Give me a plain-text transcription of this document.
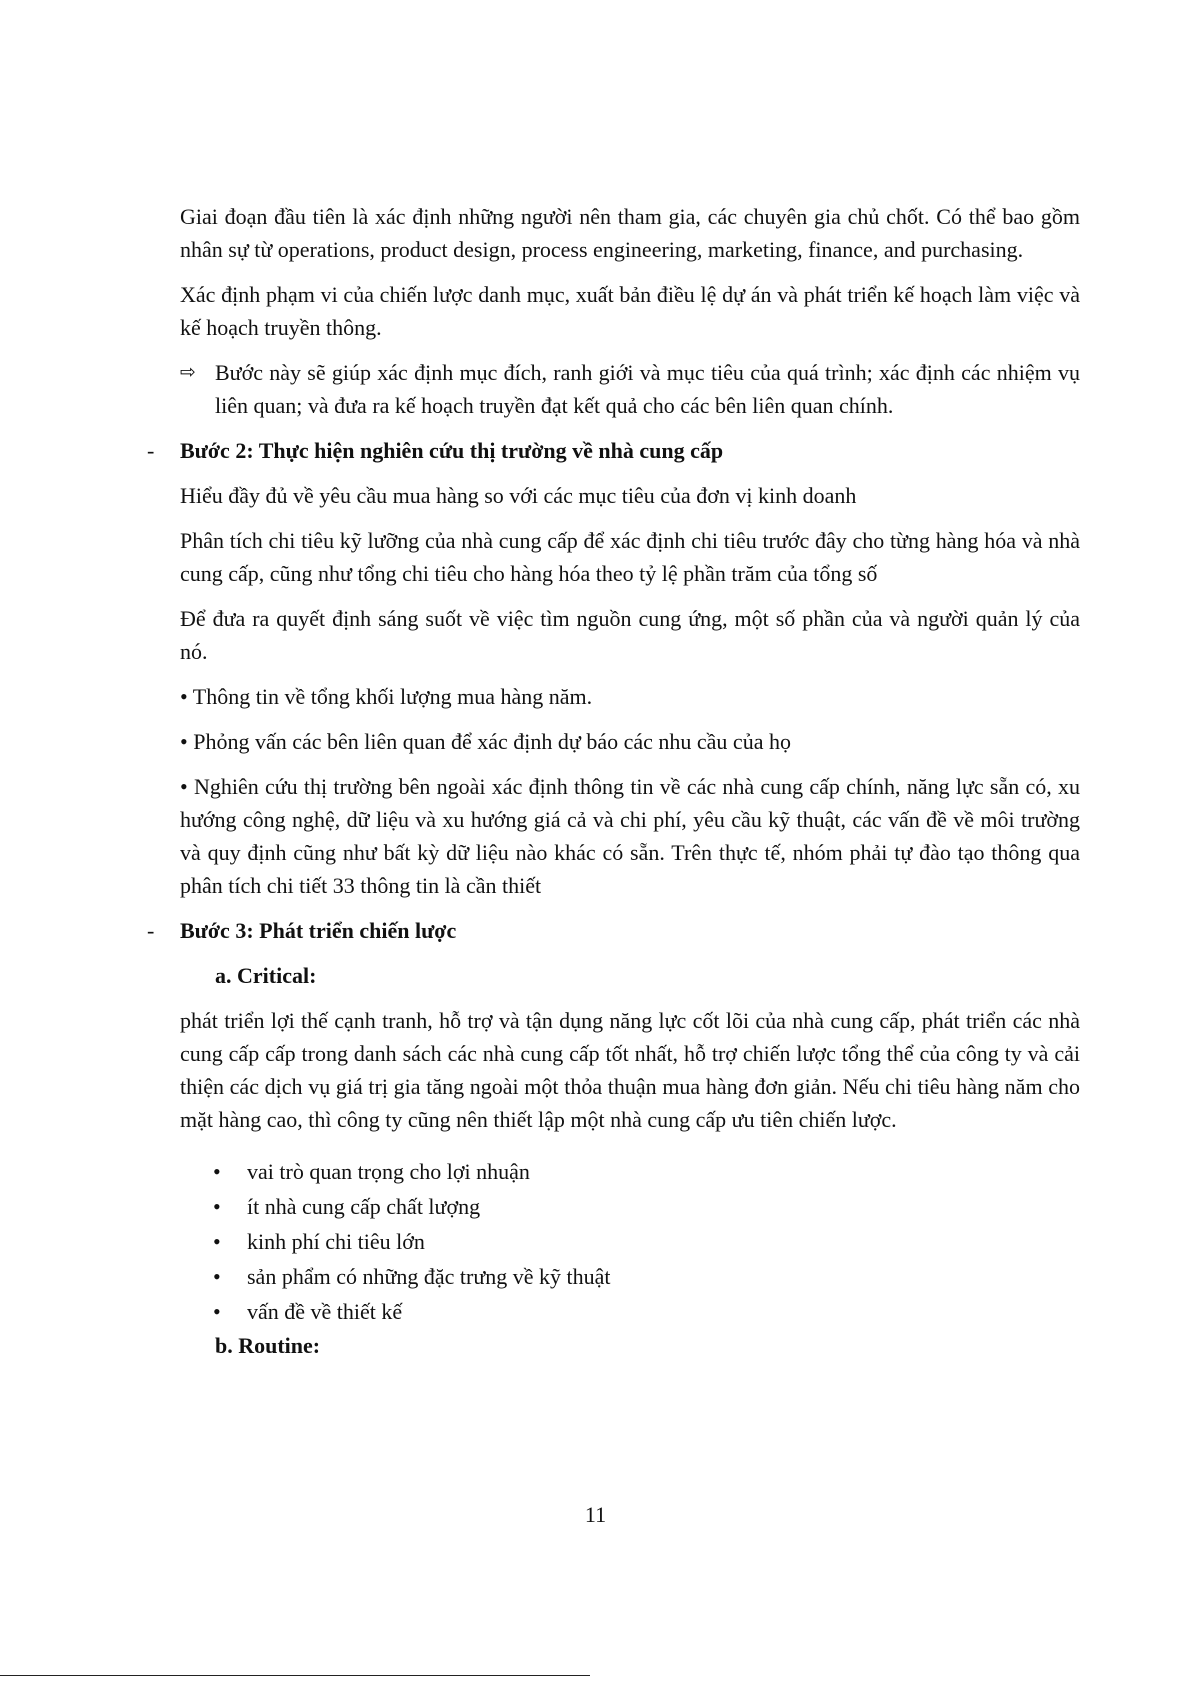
Giai đoạn đầu tiên là xác định những người nên tham gia, các chuyên gia chủ chốt. Có thể bao gồm nhân sự từ operations, product design, process engineering, marketing, finance, and purchasing.

Xác định phạm vi của chiến lược danh mục, xuất bản điều lệ dự án và phát triển kế hoạch làm việc và kế hoạch truyền thông.

⇨ Bước này sẽ giúp xác định mục đích, ranh giới và mục tiêu của quá trình; xác định các nhiệm vụ liên quan; và đưa ra kế hoạch truyền đạt kết quả cho các bên liên quan chính.

- Bước 2: Thực hiện nghiên cứu thị trường về nhà cung cấp

Hiểu đầy đủ về yêu cầu mua hàng so với các mục tiêu của đơn vị kinh doanh

Phân tích chi tiêu kỹ lưỡng của nhà cung cấp để xác định chi tiêu trước đây cho từng hàng hóa và nhà cung cấp, cũng như tổng chi tiêu cho hàng hóa theo tỷ lệ phần trăm của tổng số

Để đưa ra quyết định sáng suốt về việc tìm nguồn cung ứng, một số phần của và người quản lý của nó.

• Thông tin về tổng khối lượng mua hàng năm.

• Phỏng vấn các bên liên quan để xác định dự báo các nhu cầu của họ

• Nghiên cứu thị trường bên ngoài xác định thông tin về các nhà cung cấp chính, năng lực sẵn có, xu hướng công nghệ, dữ liệu và xu hướng giá cả và chi phí, yêu cầu kỹ thuật, các vấn đề về môi trường và quy định cũng như bất kỳ dữ liệu nào khác có sẵn. Trên thực tế, nhóm phải tự đào tạo thông qua phân tích chi tiết 33 thông tin là cần thiết

- Bước 3: Phát triển chiến lược
a. Critical:

phát triển lợi thế cạnh tranh, hỗ trợ và tận dụng năng lực cốt lõi của nhà cung cấp, phát triển các nhà cung cấp cấp trong danh sách các nhà cung cấp tốt nhất, hỗ trợ chiến lược tổng thể của công ty và cải thiện các dịch vụ giá trị gia tăng ngoài một thỏa thuận mua hàng đơn giản. Nếu chi tiêu hàng năm cho mặt hàng cao, thì công ty cũng nên thiết lập một nhà cung cấp ưu tiên chiến lược.

• vai trò quan trọng cho lợi nhuận
• ít nhà cung cấp chất lượng
• kinh phí chi tiêu lớn
• sản phẩm có những đặc trưng về kỹ thuật
• vấn đề về thiết kế
b. Routine:
11
